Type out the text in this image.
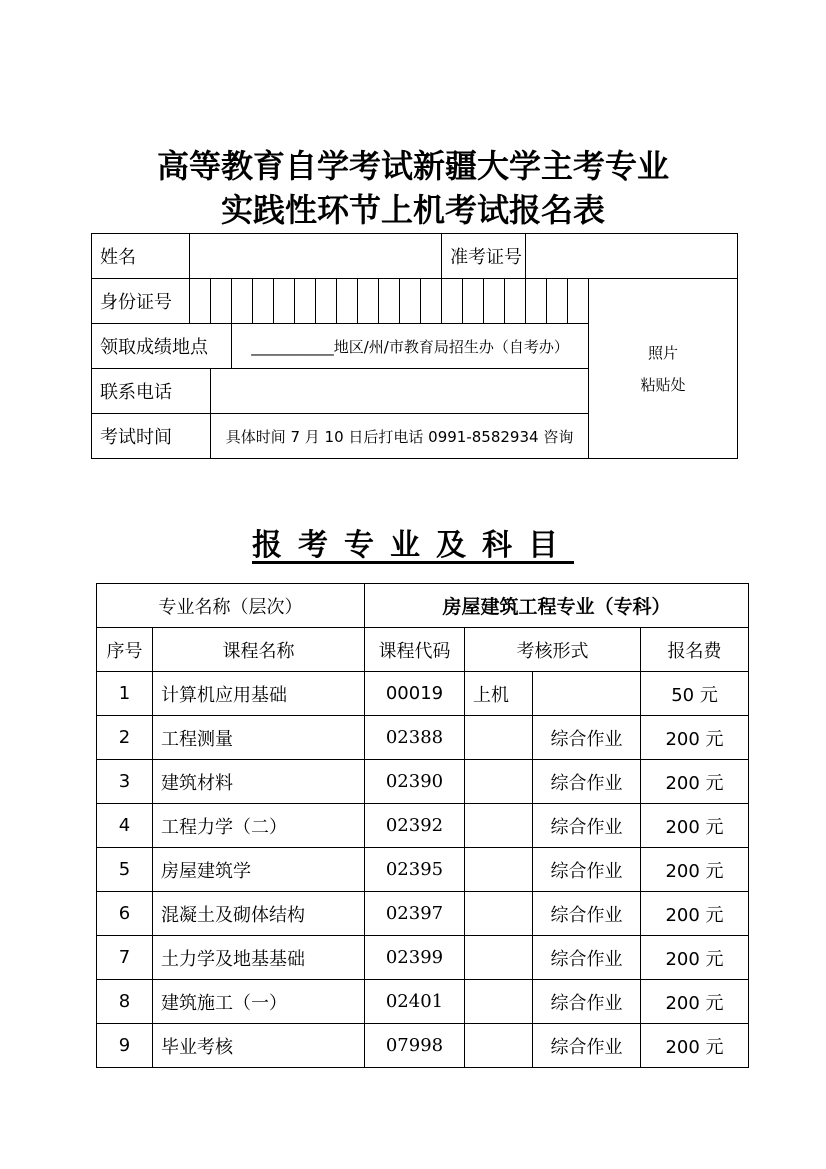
高等教育自学考试新疆大学主考专业
实践性环节上机考试报名表
姓名													准考证号							
身份证号																				照片
粘贴处

领取成绩地点			___________地区/州/市教育局招生办（自考办）																	
联系电话																				
考试时间		具体时间 7 月 10 日后打电话 0991-8582934 咨询																		
报考专业及科目
专业名称（层次）		房屋建筑工程专业（专科）			
序号	课程名称	课程代码	考核形式		报名费
1	计算机应用基础	00019	上机		50 元
2	工程测量	02388		综合作业	200 元
3	建筑材料	02390		综合作业	200 元
4	工程力学（二）	02392		综合作业	200 元
5	房屋建筑学	02395		综合作业	200 元
6	混凝土及砌体结构	02397		综合作业	200 元
7	土力学及地基基础	02399		综合作业	200 元
8	建筑施工（一）	02401		综合作业	200 元
9	毕业考核	07998		综合作业	200 元
